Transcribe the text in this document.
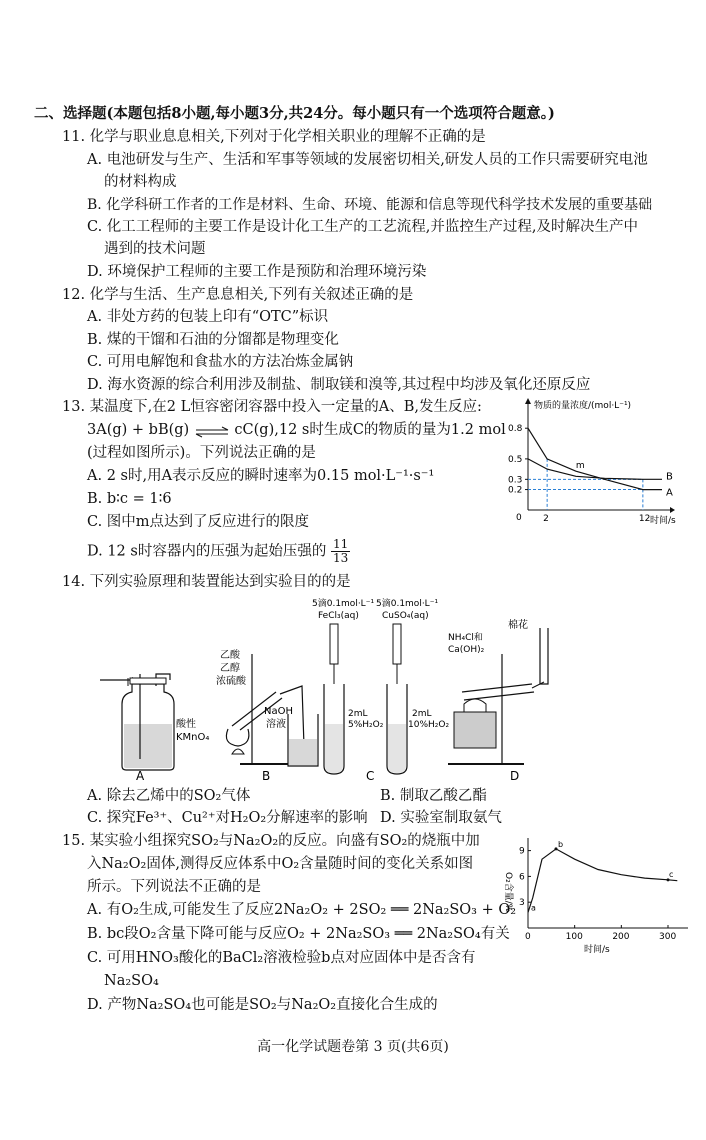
二、选择题(本题包括8小题,每小题3分,共24分。每小题只有一个选项符合题意。)
11. 化学与职业息息相关,下列对于化学相关职业的理解不正确的是
A. 电池研发与生产、生活和军事等领域的发展密切相关,研发人员的工作只需要研究电池
的材料构成
B. 化学科研工作者的工作是材料、生命、环境、能源和信息等现代科学技术发展的重要基础
C. 化工工程师的主要工作是设计化工生产的工艺流程,并监控生产过程,及时解决生产中
遇到的技术问题
D. 环境保护工程师的主要工作是预防和治理环境污染
12. 化学与生活、生产息息相关,下列有关叙述正确的是
A. 非处方药的包装上印有“OTC”标识
B. 煤的干馏和石油的分馏都是物理变化
C. 可用电解饱和食盐水的方法冶炼金属钠
D. 海水资源的综合利用涉及制盐、制取镁和溴等,其过程中均涉及氧化还原反应
13. 某温度下,在2 L恒容密闭容器中投入一定量的A、B,发生反应:
3A(g) + bB(g) ⇌ cC(g),12 s时生成C的物质的量为1.2 mol
(过程如图所示)。下列说法正确的是
A. 2 s时,用A表示反应的瞬时速率为0.15 mol·L⁻¹·s⁻¹
B. b∶c = 1∶6
C. 图中m点达到了反应进行的限度
D. 12 s时容器内的压强为起始压强的 $\frac{11}{13}$
物质的量浓度/(mol·L⁻¹)
时间/s
0
0.8
0.5
0.3
0.2
2	12
A
B
m
14. 下列实验原理和装置能达到实验目的的是
酸性
KMnO₄
乙酸
乙醇
浓硫酸
NaOH
溶液
5滴0.1mol·L⁻¹
FeCl₃(aq)
5滴0.1mol·L⁻¹
CuSO₄(aq)
2mL
5%H₂O₂
2mL
10%H₂O₂
NH₄Cl和
Ca(OH)₂
棉花
A	B	C	D
A. 除去乙烯中的SO₂气体	B. 制取乙酸乙酯
C. 探究Fe³⁺、Cu²⁺对H₂O₂分解速率的影响 D. 实验室制取氨气
15. 某实验小组探究SO₂与Na₂O₂的反应。向盛有SO₂的烧瓶中加
入Na₂O₂固体,测得反应体系中O₂含量随时间的变化关系如图
所示。下列说法不正确的是
A. 有O₂生成,可能发生了反应2Na₂O₂ + 2SO₂ ══ 2Na₂SO₃ + O₂
B. bc段O₂含量下降可能与反应O₂ + 2Na₂SO₃ ══ 2Na₂SO₄有关
C. 可用HNO₃酸化的BaCl₂溶液检验b点对应固体中是否含有
Na₂SO₄
D. 产物Na₂SO₄也可能是SO₂与Na₂O₂直接化合生成的
O₂含量/%
时间/s
3
6
9
0	100	200	300
a
b
c
高一化学试题卷第 3 页(共6页)
